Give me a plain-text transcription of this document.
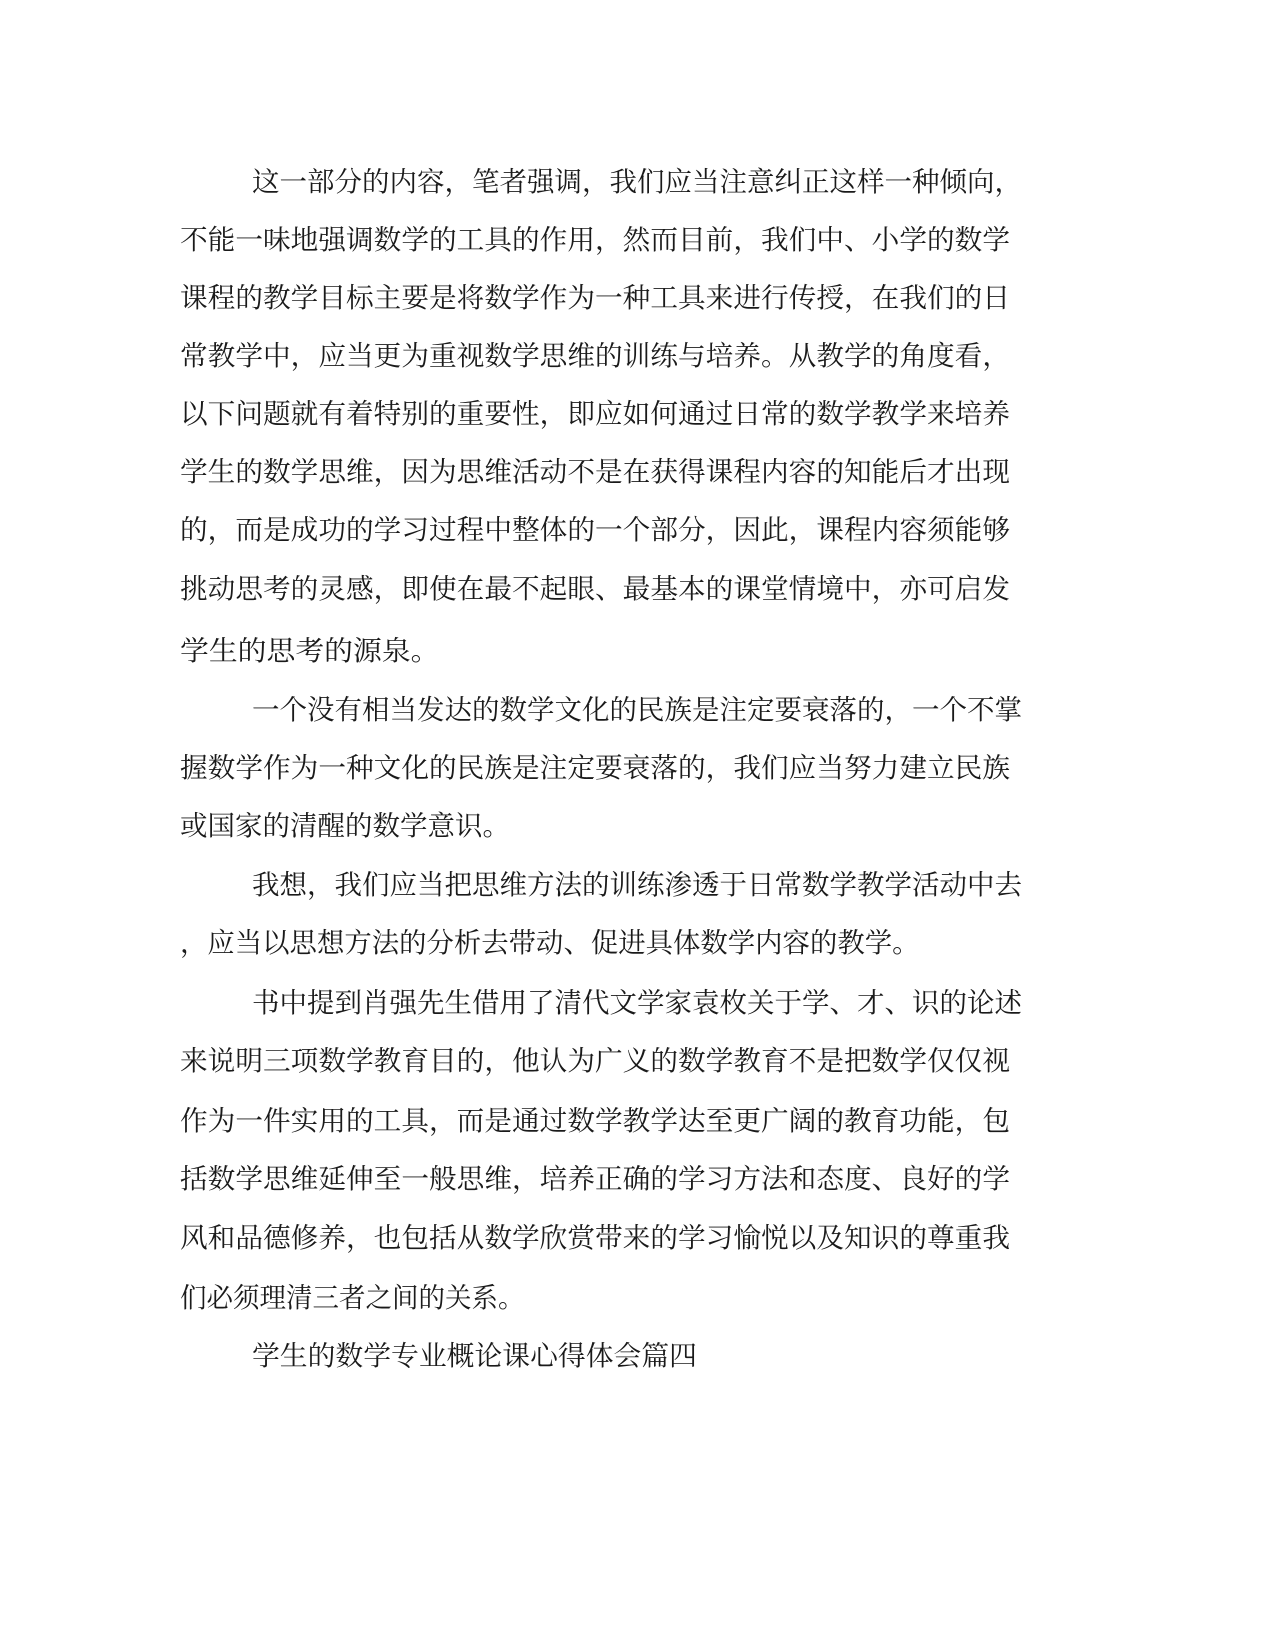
这一部分的内容，笔者强调，我们应当注意纠正这样一种倾向，
不能一味地强调数学的工具的作用，然而目前，我们中、小学的数学
课程的教学目标主要是将数学作为一种工具来进行传授，在我们的日
常教学中，应当更为重视数学思维的训练与培养。从教学的角度看，
以下问题就有着特别的重要性，即应如何通过日常的数学教学来培养
学生的数学思维，因为思维活动不是在获得课程内容的知能后才出现
的，而是成功的学习过程中整体的一个部分，因此，课程内容须能够
挑动思考的灵感，即使在最不起眼、最基本的课堂情境中，亦可启发
学生的思考的源泉。
一个没有相当发达的数学文化的民族是注定要衰落的，一个不掌
握数学作为一种文化的民族是注定要衰落的，我们应当努力建立民族
或国家的清醒的数学意识。
我想，我们应当把思维方法的训练渗透于日常数学教学活动中去
，应当以思想方法的分析去带动、促进具体数学内容的教学。
书中提到肖强先生借用了清代文学家袁枚关于学、才、识的论述
来说明三项数学教育目的，他认为广义的数学教育不是把数学仅仅视
作为一件实用的工具，而是通过数学教学达至更广阔的教育功能，包
括数学思维延伸至一般思维，培养正确的学习方法和态度、良好的学
风和品德修养，也包括从数学欣赏带来的学习愉悦以及知识的尊重我
们必须理清三者之间的关系。
学生的数学专业概论课心得体会篇四
